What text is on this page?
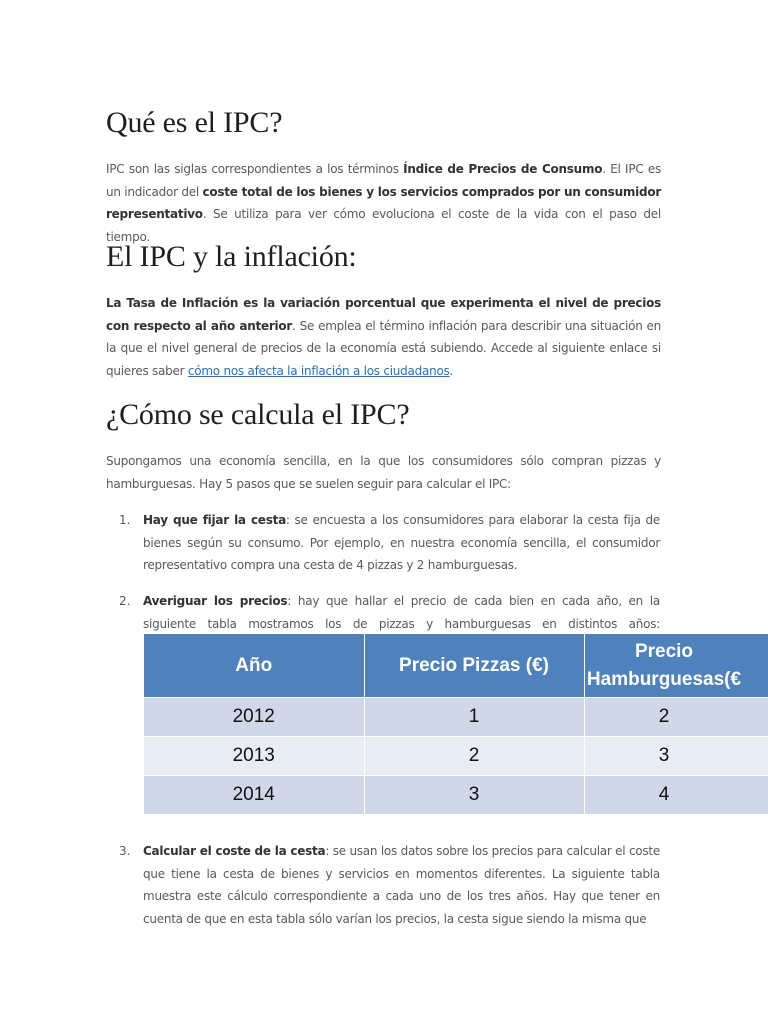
Qué es el IPC?

IPC son las siglas correspondientes a los términos Índice de Precios de Consumo. El IPC es un indicador del coste total de los bienes y los servicios comprados por un consumidor representativo. Se utiliza para ver cómo evoluciona el coste de la vida con el paso del tiempo.

El IPC y la inflación:

La Tasa de Inflación es la variación porcentual que experimenta el nivel de precios con respecto al año anterior. Se emplea el término inflación para describir una situación en la que el nivel general de precios de la economía está subiendo. Accede al siguiente enlace si quieres saber cómo nos afecta la inflación a los ciudadanos.

¿Cómo se calcula el IPC?

Supongamos una economía sencilla, en la que los consumidores sólo compran pizzas y hamburguesas. Hay 5 pasos que se suelen seguir para calcular el IPC:

1. Hay que fijar la cesta: se encuesta a los consumidores para elaborar la cesta fija de bienes según su consumo. Por ejemplo, en nuestra economía sencilla, el consumidor representativo compra una cesta de 4 pizzas y 2 hamburguesas.

2. Averiguar los precios: hay que hallar el precio de cada bien en cada año, en la siguiente tabla mostramos los de pizzas y hamburguesas en distintos años:

Año	Precio Pizzas (€)	Precio Hamburguesas(€
2012	1	2
2013	2	3
2014	3	4
3. Calcular el coste de la cesta: se usan los datos sobre los precios para calcular el coste que tiene la cesta de bienes y servicios en momentos diferentes. La siguiente tabla muestra este cálculo correspondiente a cada uno de los tres años. Hay que tener en cuenta de que en esta tabla sólo varían los precios, la cesta sigue siendo la misma que
